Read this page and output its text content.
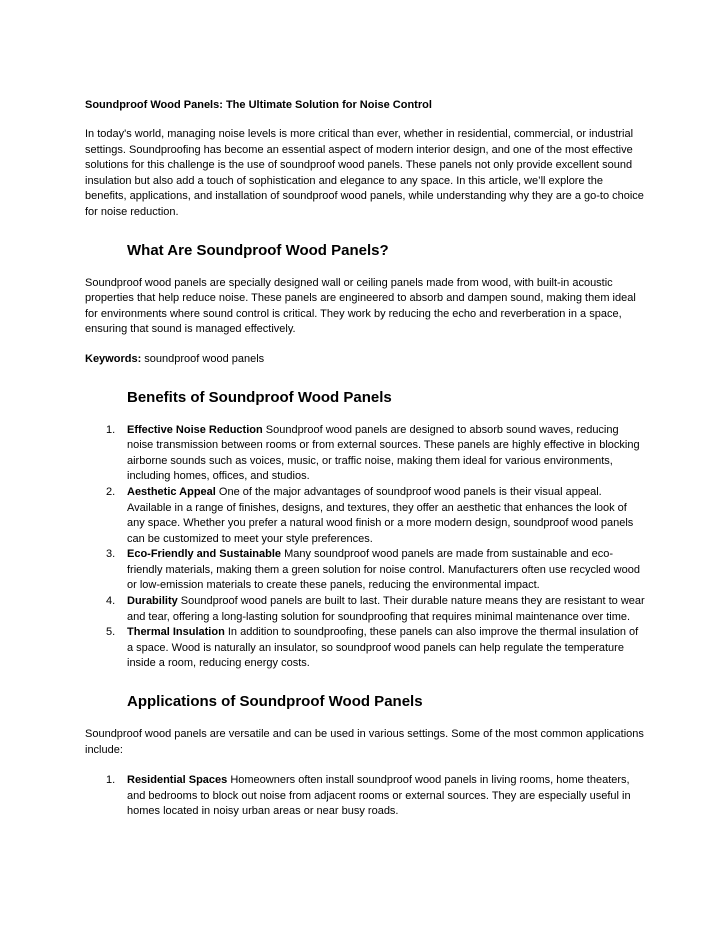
Soundproof Wood Panels: The Ultimate Solution for Noise Control

In today's world, managing noise levels is more critical than ever, whether in residential, commercial, or industrial settings. Soundproofing has become an essential aspect of modern interior design, and one of the most effective solutions for this challenge is the use of soundproof wood panels. These panels not only provide excellent sound insulation but also add a touch of sophistication and elegance to any space. In this article, we’ll explore the benefits, applications, and installation of soundproof wood panels, while understanding why they are a go-to choice for noise reduction.

What Are Soundproof Wood Panels?

Soundproof wood panels are specially designed wall or ceiling panels made from wood, with built-in acoustic properties that help reduce noise. These panels are engineered to absorb and dampen sound, making them ideal for environments where sound control is critical. They work by reducing the echo and reverberation in a space, ensuring that sound is managed effectively.

Keywords: soundproof wood panels

Benefits of Soundproof Wood Panels
1. Effective Noise Reduction Soundproof wood panels are designed to absorb sound waves, reducing noise transmission between rooms or from external sources. These panels are highly effective in blocking airborne sounds such as voices, music, or traffic noise, making them ideal for various environments, including homes, offices, and studios.
2. Aesthetic Appeal One of the major advantages of soundproof wood panels is their visual appeal. Available in a range of finishes, designs, and textures, they offer an aesthetic that enhances the look of any space. Whether you prefer a natural wood finish or a more modern design, soundproof wood panels can be customized to meet your style preferences.
3. Eco-Friendly and Sustainable Many soundproof wood panels are made from sustainable and eco-friendly materials, making them a green solution for noise control. Manufacturers often use recycled wood or low-emission materials to create these panels, reducing the environmental impact.
4. Durability Soundproof wood panels are built to last. Their durable nature means they are resistant to wear and tear, offering a long-lasting solution for soundproofing that requires minimal maintenance over time.
5. Thermal Insulation In addition to soundproofing, these panels can also improve the thermal insulation of a space. Wood is naturally an insulator, so soundproof wood panels can help regulate the temperature inside a room, reducing energy costs.
Applications of Soundproof Wood Panels

Soundproof wood panels are versatile and can be used in various settings. Some of the most common applications include:

1. Residential Spaces Homeowners often install soundproof wood panels in living rooms, home theaters, and bedrooms to block out noise from adjacent rooms or external sources. They are especially useful in homes located in noisy urban areas or near busy roads.
